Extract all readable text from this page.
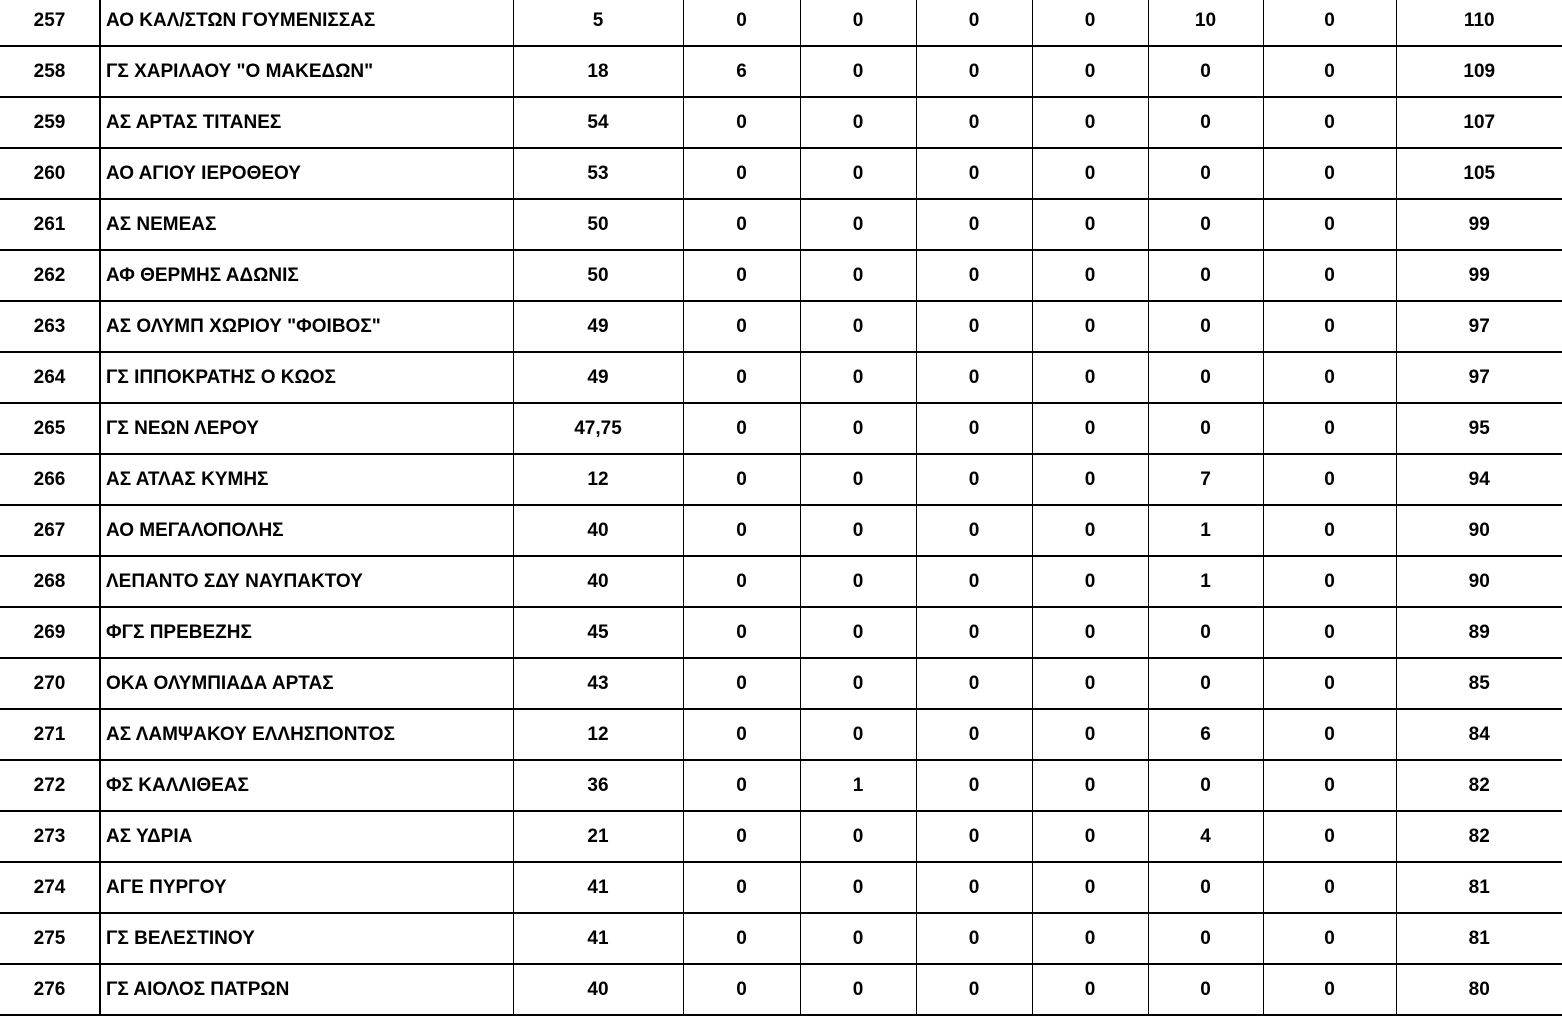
257	ΑΟ ΚΑΛ/ΣΤΩΝ ΓΟΥΜΕΝΙΣΣΑΣ	5	0	0	0	0	10	0	110
258	ΓΣ ΧΑΡΙΛΑΟΥ "Ο ΜΑΚΕΔΩΝ"	18	6	0	0	0	0	0	109
259	ΑΣ ΑΡΤΑΣ ΤΙΤΑΝΕΣ	54	0	0	0	0	0	0	107
260	ΑΟ ΑΓΙΟΥ ΙΕΡΟΘΕΟΥ	53	0	0	0	0	0	0	105
261	ΑΣ ΝΕΜΕΑΣ	50	0	0	0	0	0	0	99
262	ΑΦ ΘΕΡΜΗΣ ΑΔΩΝΙΣ	50	0	0	0	0	0	0	99
263	ΑΣ ΟΛΥΜΠ ΧΩΡΙΟΥ "ΦΟΙΒΟΣ"	49	0	0	0	0	0	0	97
264	ΓΣ ΙΠΠΟΚΡΑΤΗΣ Ο ΚΩΟΣ	49	0	0	0	0	0	0	97
265	ΓΣ ΝΕΩΝ ΛΕΡΟΥ	47,75	0	0	0	0	0	0	95
266	ΑΣ ΑΤΛΑΣ ΚΥΜΗΣ	12	0	0	0	0	7	0	94
267	ΑΟ ΜΕΓΑΛΟΠΟΛΗΣ	40	0	0	0	0	1	0	90
268	ΛΕΠΑΝΤΟ ΣΔΥ ΝΑΥΠΑΚΤΟΥ	40	0	0	0	0	1	0	90
269	ΦΓΣ ΠΡΕΒΕΖΗΣ	45	0	0	0	0	0	0	89
270	ΟΚΑ ΟΛΥΜΠΙΑΔΑ ΑΡΤΑΣ	43	0	0	0	0	0	0	85
271	ΑΣ ΛΑΜΨΑΚΟΥ ΕΛΛΗΣΠΟΝΤΟΣ	12	0	0	0	0	6	0	84
272	ΦΣ ΚΑΛΛΙΘΕΑΣ	36	0	1	0	0	0	0	82
273	ΑΣ ΥΔΡΙΑ	21	0	0	0	0	4	0	82
274	ΑΓΕ ΠΥΡΓΟΥ	41	0	0	0	0	0	0	81
275	ΓΣ ΒΕΛΕΣΤΙΝΟΥ	41	0	0	0	0	0	0	81
276	ΓΣ ΑΙΟΛΟΣ ΠΑΤΡΩΝ	40	0	0	0	0	0	0	80
